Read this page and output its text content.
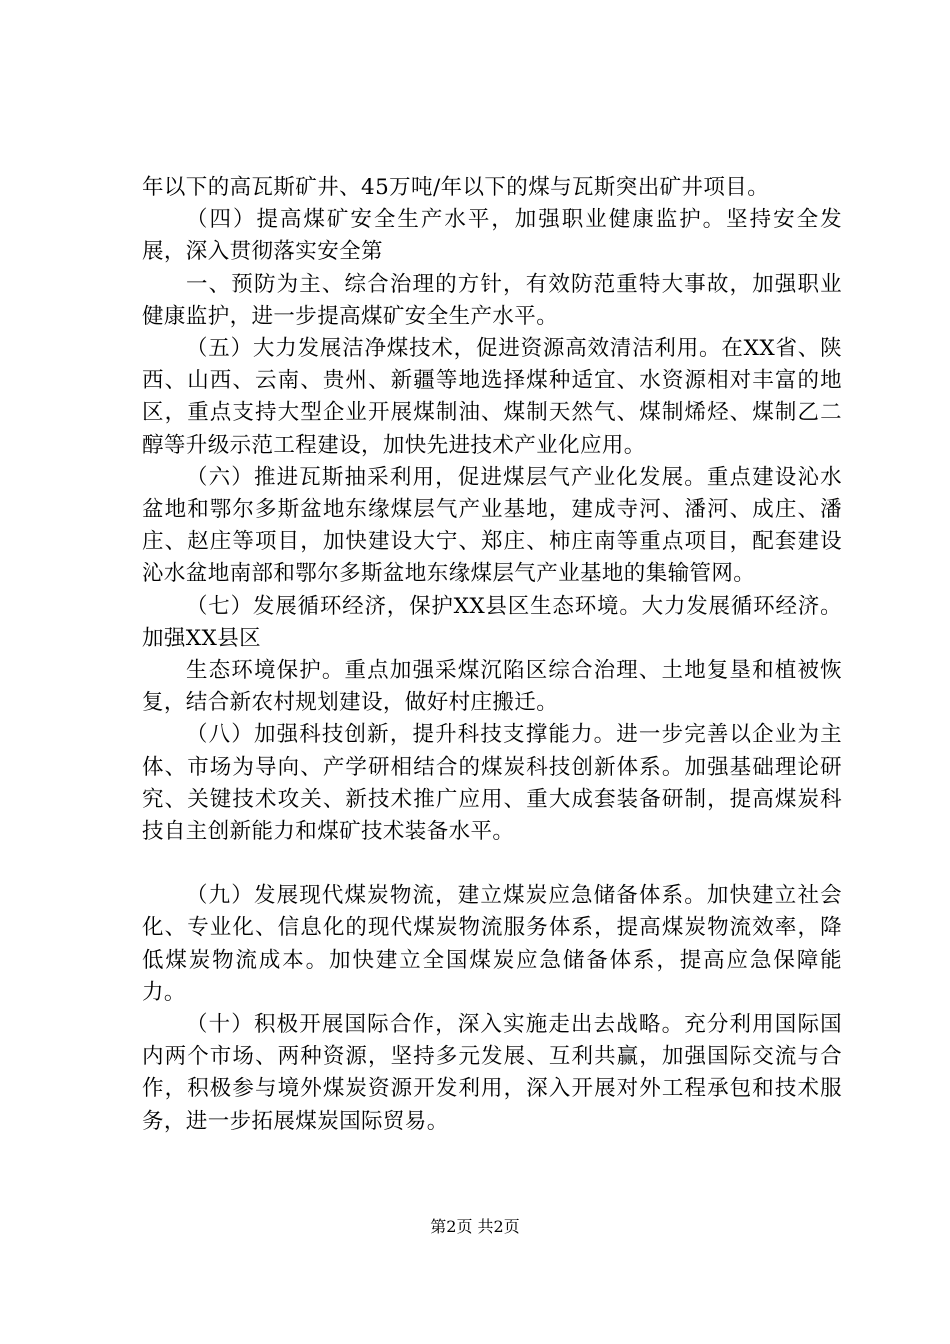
年以下的高瓦斯矿井、45万吨/年以下的煤与瓦斯突出矿井项目。

（四）提高煤矿安全生产水平，加强职业健康监护。坚持安全发展，深入贯彻落实安全第

一、预防为主、综合治理的方针，有效防范重特大事故，加强职业健康监护，进一步提高煤矿安全生产水平。

（五）大力发展洁净煤技术，促进资源高效清洁利用。在XX省、陕西、山西、云南、贵州、新疆等地选择煤种适宜、水资源相对丰富的地区，重点支持大型企业开展煤制油、煤制天然气、煤制烯烃、煤制乙二醇等升级示范工程建设，加快先进技术产业化应用。

（六）推进瓦斯抽采利用，促进煤层气产业化发展。重点建设沁水盆地和鄂尔多斯盆地东缘煤层气产业基地，建成寺河、潘河、成庄、潘庄、赵庄等项目，加快建设大宁、郑庄、柿庄南等重点项目，配套建设沁水盆地南部和鄂尔多斯盆地东缘煤层气产业基地的集输管网。

（七）发展循环经济，保护XX县区生态环境。大力发展循环经济。加强XX县区

生态环境保护。重点加强采煤沉陷区综合治理、土地复垦和植被恢复，结合新农村规划建设，做好村庄搬迁。

（八）加强科技创新，提升科技支撑能力。进一步完善以企业为主体、市场为导向、产学研相结合的煤炭科技创新体系。加强基础理论研究、关键技术攻关、新技术推广应用、重大成套装备研制，提高煤炭科技自主创新能力和煤矿技术装备水平。

（九）发展现代煤炭物流，建立煤炭应急储备体系。加快建立社会化、专业化、信息化的现代煤炭物流服务体系，提高煤炭物流效率，降低煤炭物流成本。加快建立全国煤炭应急储备体系，提高应急保障能力。

（十）积极开展国际合作，深入实施走出去战略。充分利用国际国内两个市场、两种资源，坚持多元发展、互利共赢，加强国际交流与合作，积极参与境外煤炭资源开发利用，深入开展对外工程承包和技术服务，进一步拓展煤炭国际贸易。

第2页 共2页
